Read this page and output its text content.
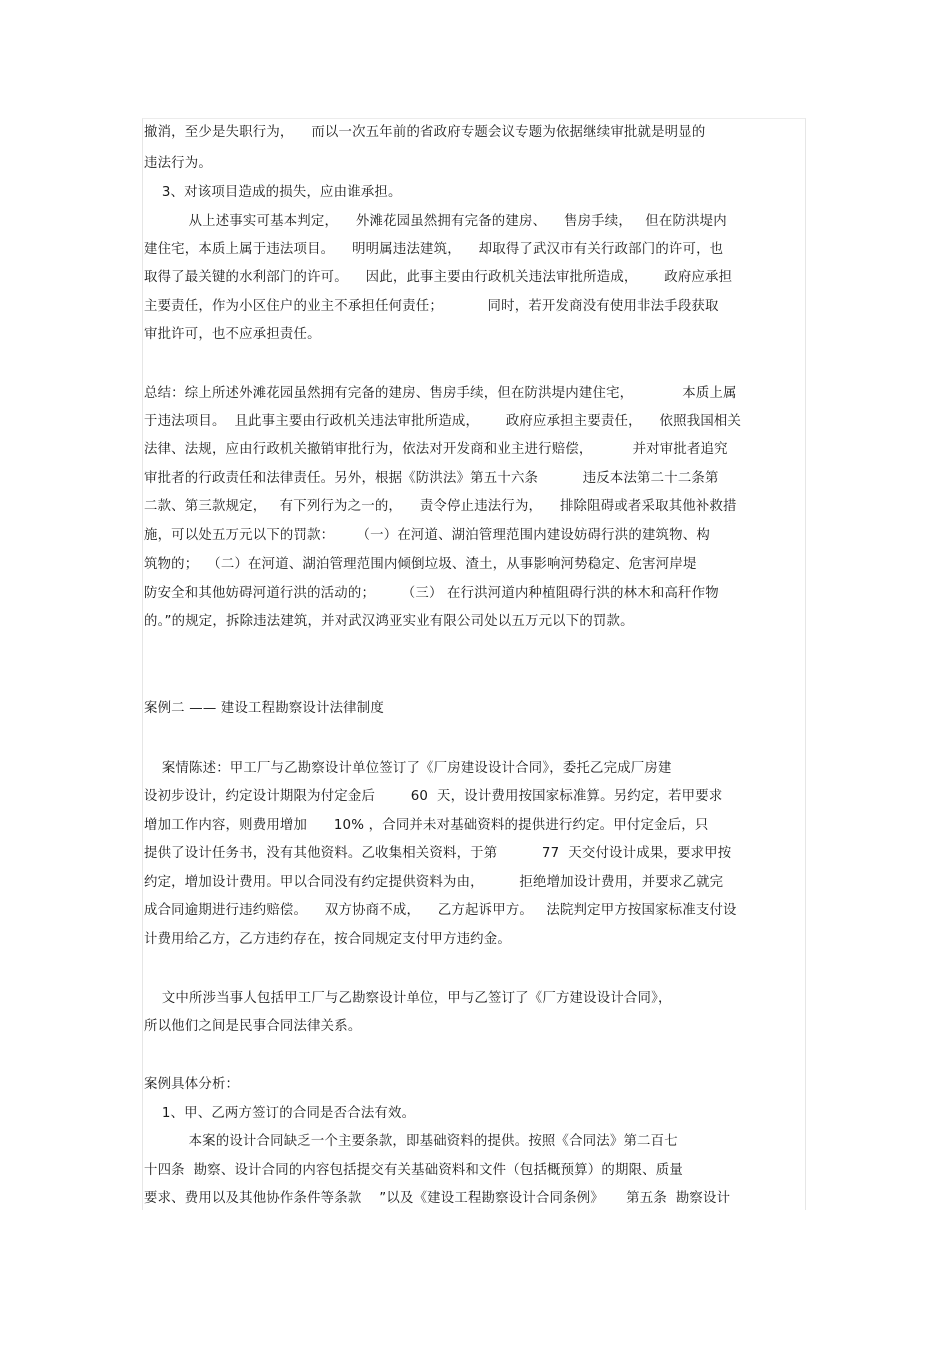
撤消，至少是失职行为，    而以一次五年前的省政府专题会议专题为依据继续审批就是明显的
违法行为。
3、对该项目造成的损失，应由谁承担。
从上述事实可基本判定，    外滩花园虽然拥有完备的建房、    售房手续，   但在防洪堤内
建住宅，本质上属于违法项目。    明明属违法建筑，    却取得了武汉市有关行政部门的许可，也
取得了最关键的水利部门的许可。    因此，此事主要由行政机关违法审批所造成，      政府应承担
主要责任，作为小区住户的业主不承担任何责任；          同时，若开发商没有使用非法手段获取
审批许可，也不应承担责任。
总结：综上所述外滩花园虽然拥有完备的建房、售房手续，但在防洪堤内建住宅，           本质上属
于违法项目。  且此事主要由行政机关违法审批所造成，      政府应承担主要责任，    依照我国相关
法律、法规，应由行政机关撤销审批行为，依法对开发商和业主进行赔偿，         并对审批者追究
审批者的行政责任和法律责任。另外，根据《防洪法》第五十六条          违反本法第二十二条第
二款、第三款规定，   有下列行为之一的，    责令停止违法行为，    排除阻碍或者采取其他补救措
施，可以处五万元以下的罚款：     （一）在河道、湖泊管理范围内建设妨碍行洪的建筑物、构
筑物的；  （二）在河道、湖泊管理范围内倾倒垃圾、渣土，从事影响河势稳定、危害河岸堤
防安全和其他妨碍河道行洪的活动的；      （三） 在行洪河道内种植阻碍行洪的林木和高秆作物
的。”的规定，拆除违法建筑，并对武汉鸿亚实业有限公司处以五万元以下的罚款。
案例二 —— 建设工程勘察设计法律制度
案情陈述：甲工厂与乙勘察设计单位签订了《厂房建设设计合同》，委托乙完成厂房建
设初步设计，约定设计期限为付定金后        60  天，设计费用按国家标准算。另约定，若甲要求
增加工作内容，则费用增加      10% ，合同并未对基础资料的提供进行约定。甲付定金后，只
提供了设计任务书，没有其他资料。乙收集相关资料，于第          77  天交付设计成果，要求甲按
约定，增加设计费用。甲以合同没有约定提供资料为由，        拒绝增加设计费用，并要求乙就完
成合同逾期进行违约赔偿。    双方协商不成，    乙方起诉甲方。   法院判定甲方按国家标准支付设
计费用给乙方，乙方违约存在，按合同规定支付甲方违约金。
文中所涉当事人包括甲工厂与乙勘察设计单位，甲与乙签订了《厂方建设设计合同》，
所以他们之间是民事合同法律关系。
案例具体分析：
1、甲、乙两方签订的合同是否合法有效。
本案的设计合同缺乏一个主要条款，即基础资料的提供。按照《合同法》第二百七
十四条  勘察、设计合同的内容包括提交有关基础资料和文件（包括概预算）的期限、质量
要求、费用以及其他协作条件等条款    ”以及《建设工程勘察设计合同条例》     第五条  勘察设计
